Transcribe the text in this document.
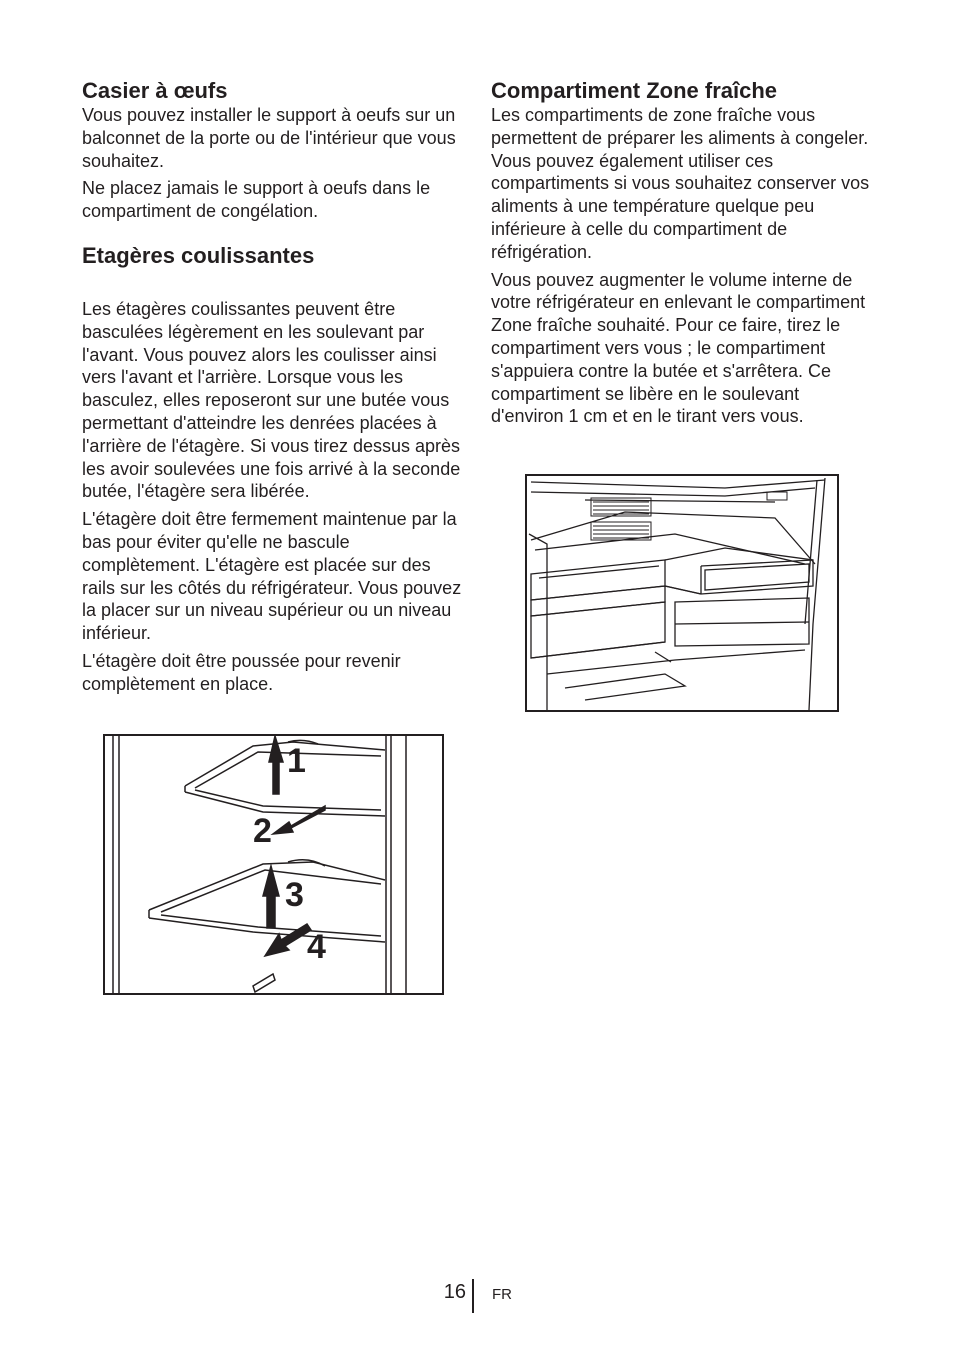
Casier à œufs

Vous pouvez installer le support à oeufs sur un balconnet de la porte ou de l'intérieur que vous souhaitez.

Ne placez jamais le support à oeufs dans le compartiment de congélation.

Etagères coulissantes

Les étagères coulissantes peuvent être basculées légèrement en les soulevant par l'avant. Vous pouvez alors les coulisser ainsi vers l'avant et l'arrière. Lorsque vous les basculez, elles reposeront sur une butée vous permettant d'atteindre les denrées placées à l'arrière de l'étagère. Si vous tirez dessus après les avoir soulevées une fois arrivé à la seconde butée, l'étagère sera libérée.

L'étagère doit être fermement maintenue par la bas pour éviter qu'elle ne bascule complètement. L'étagère est placée sur des rails sur les côtés du réfrigérateur. Vous pouvez la placer sur un niveau supérieur ou un niveau inférieur.

L'étagère doit être poussée pour revenir complètement en place.

Compartiment Zone fraîche

Les compartiments de zone fraîche vous permettent de préparer les aliments à congeler. Vous pouvez également utiliser ces compartiments si vous souhaitez conserver vos aliments à une température quelque peu inférieure à celle du compartiment de réfrigération.

Vous pouvez augmenter le volume interne de votre réfrigérateur en enlevant le compartiment Zone fraîche souhaité. Pour ce faire, tirez le compartiment vers vous ; le compartiment s'appuiera contre la butée et s'arrêtera. Ce compartiment se libère en le soulevant d'environ 1 cm et en le tirant vers vous.

1
2
3
4
16 FR
